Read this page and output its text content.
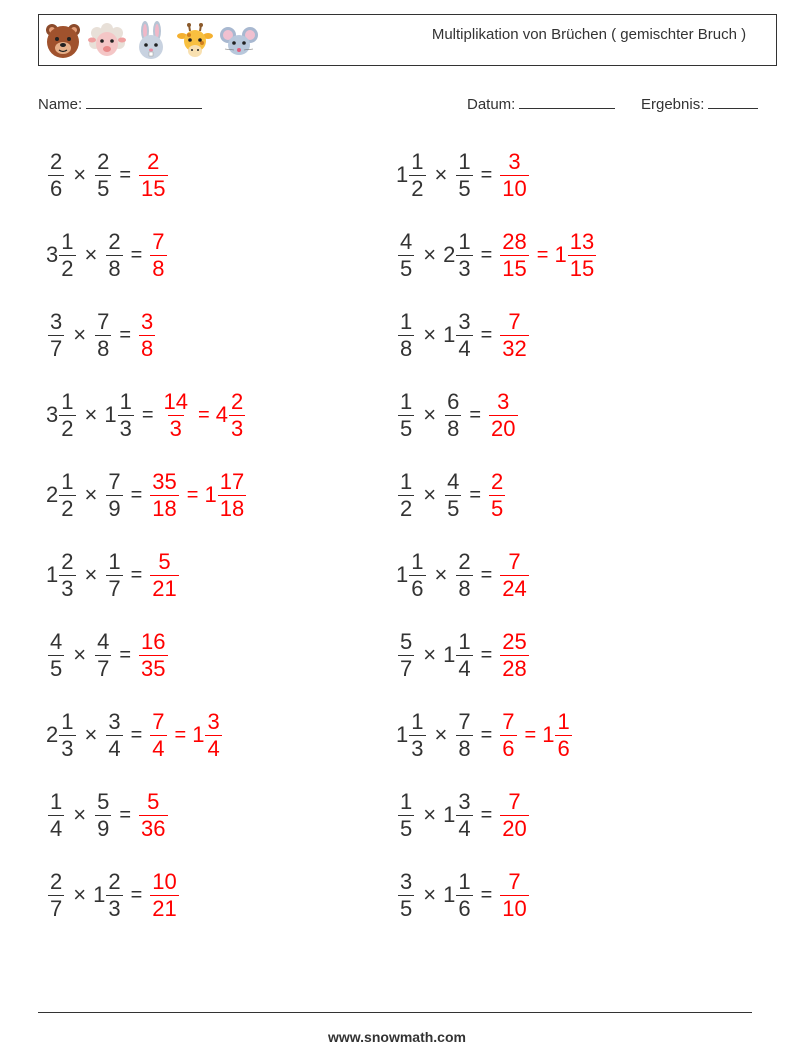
Multiplikation von Brüchen ( gemischter Bruch )
Name:	Datum:	Ergebnis:
$\frac{2}{6} \times \frac{2}{5} = \frac{2}{15}$	$1 \frac{1}{2} \times \frac{1}{5} = \frac{3}{10}$
$3 \frac{1}{2} \times \frac{2}{8} = \frac{7}{8}$	$\frac{4}{5} \times 2 \frac{1}{3} = \frac{28}{15} = 1 \frac{13}{15}$
$\frac{3}{7} \times \frac{7}{8} = \frac{3}{8}$	$\frac{1}{8} \times 1 \frac{3}{4} = \frac{7}{32}$
$3 \frac{1}{2} \times 1 \frac{1}{3} = \frac{14}{3} = 4 \frac{2}{3}$	$\frac{1}{5} \times \frac{6}{8} = \frac{3}{20}$
$2 \frac{1}{2} \times \frac{7}{9} = \frac{35}{18} = 1 \frac{17}{18}$	$\frac{1}{2} \times \frac{4}{5} = \frac{2}{5}$
$1 \frac{2}{3} \times \frac{1}{7} = \frac{5}{21}$	$1 \frac{1}{6} \times \frac{2}{8} = \frac{7}{24}$
$\frac{4}{5} \times \frac{4}{7} = \frac{16}{35}$	$\frac{5}{7} \times 1 \frac{1}{4} = \frac{25}{28}$
$2 \frac{1}{3} \times \frac{3}{4} = \frac{7}{4} = 1 \frac{3}{4}$	$1 \frac{1}{3} \times \frac{7}{8} = \frac{7}{6} = 1 \frac{1}{6}$
$\frac{1}{4} \times \frac{5}{9} = \frac{5}{36}$	$\frac{1}{5} \times 1 \frac{3}{4} = \frac{7}{20}$
$\frac{2}{7} \times 1 \frac{2}{3} = \frac{10}{21}$	$\frac{3}{5} \times 1 \frac{1}{6} = \frac{7}{10}$
www.snowmath.com
